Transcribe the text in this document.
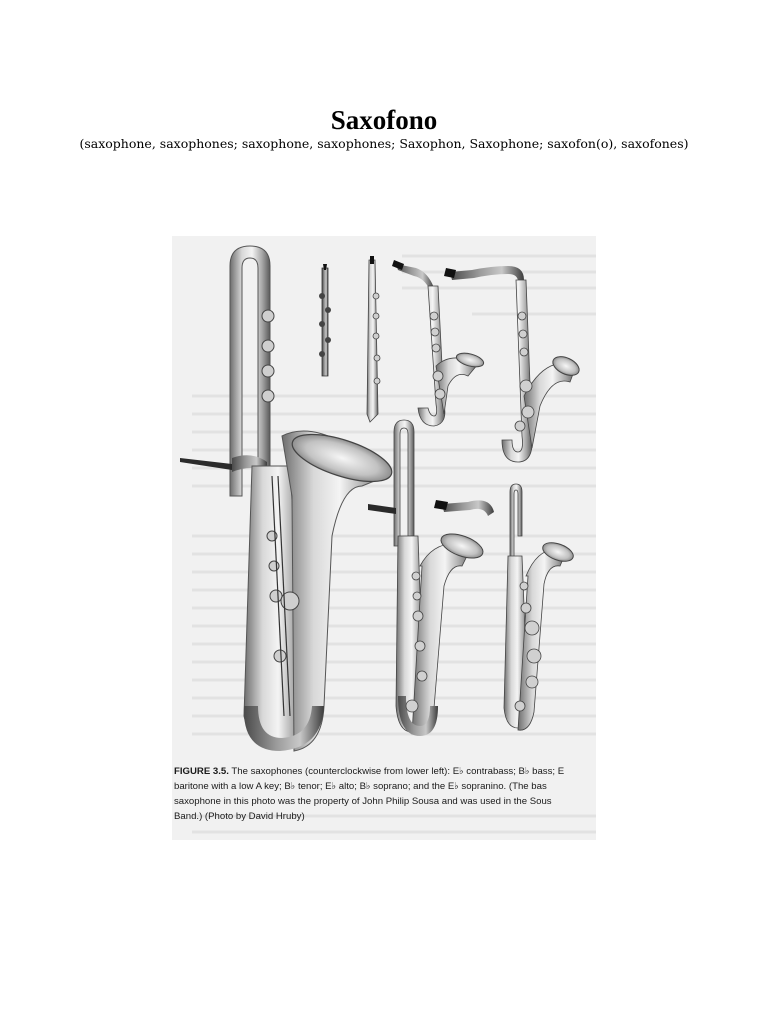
Saxofono

(saxophone, saxophones; saxophone, saxophones; Saxophon, Saxophone; saxofon(o), saxofones)

FIGURE 3.5. The saxophones (counterclockwise from lower left): E♭ contrabass; B♭ bass; E
baritone with a low A key; B♭ tenor; E♭ alto; B♭ soprano; and the E♭ sopranino. (The bas
saxophone in this photo was the property of John Philip Sousa and was used in the Sous
Band.) (Photo by David Hruby)
